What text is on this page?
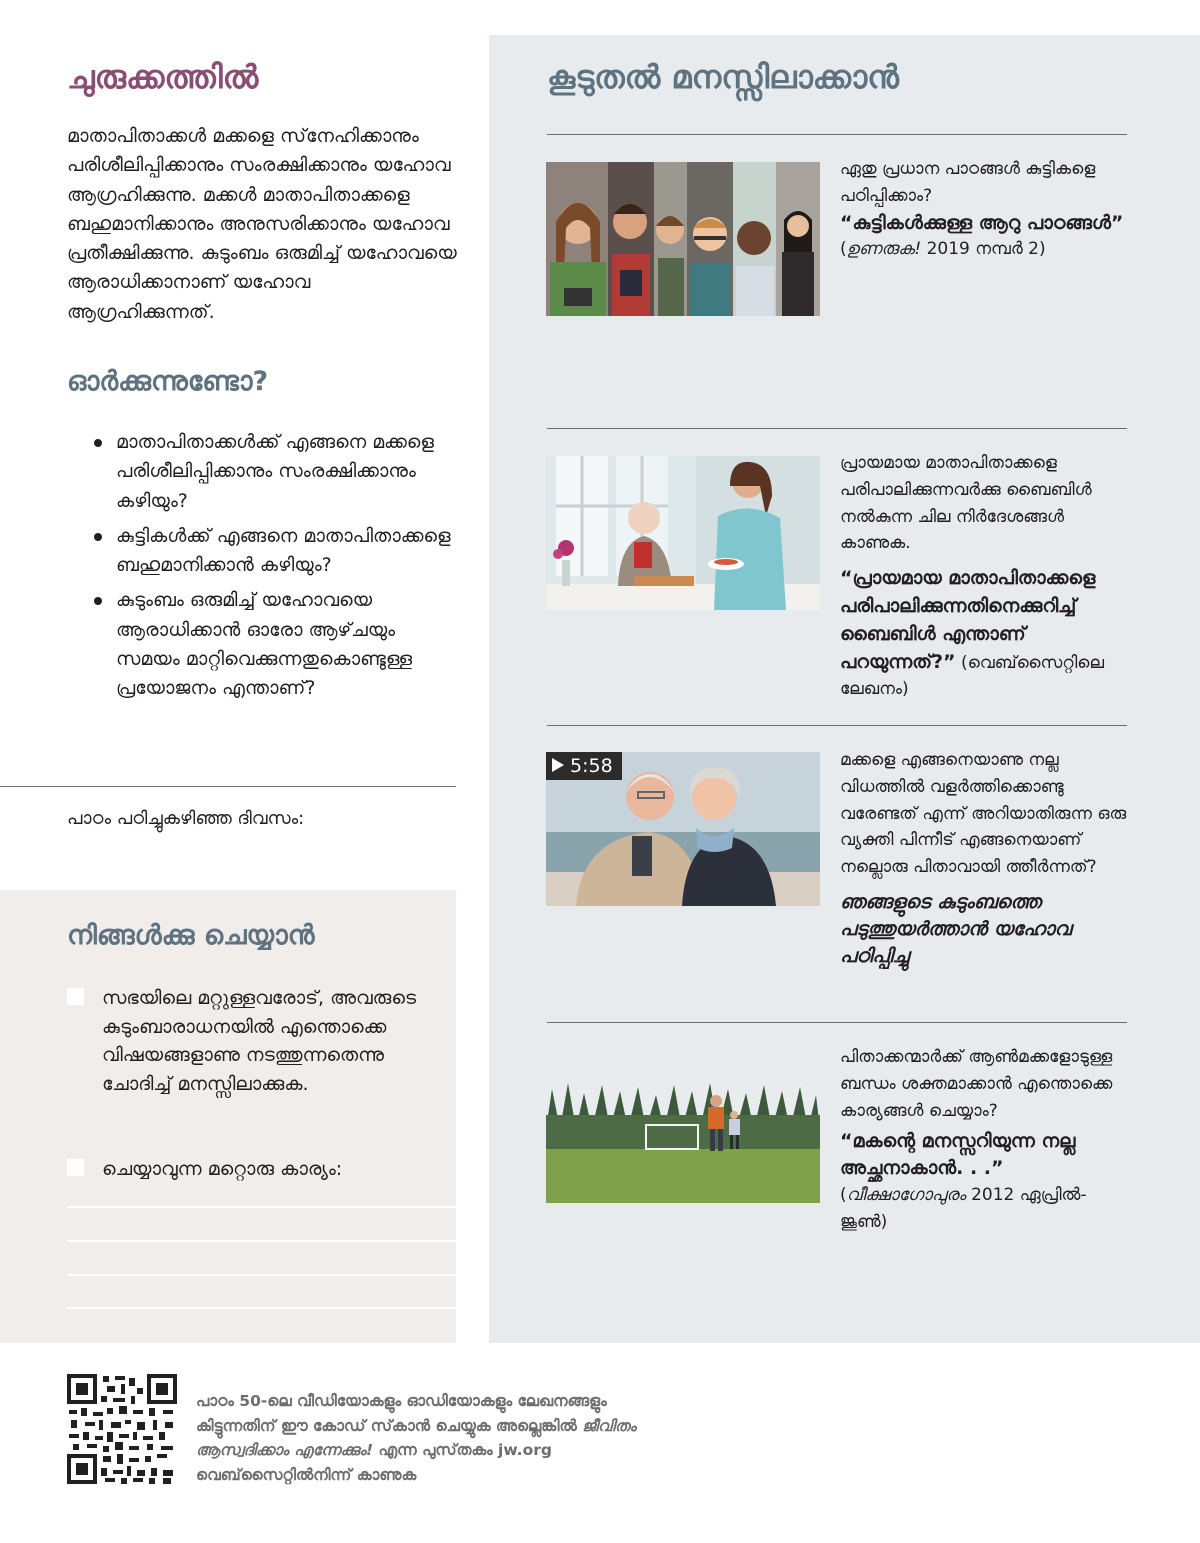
ചുരുക്കത്തിൽ

മാതാപിതാക്കൾ മക്കളെ സ്‌നേഹിക്കാനും പരിശീലിപ്പിക്കാനും സംരക്ഷിക്കാനും യഹോവ ആഗ്രഹിക്കുന്നു. മക്കൾ മാതാപിതാക്കളെ ബഹുമാനിക്കാനും അനുസരിക്കാനും യഹോവ പ്രതീക്ഷിക്കുന്നു. കുടുംബം ഒരുമിച്ച് യഹോവയെ ആരാധിക്കാനാണ് യഹോവ ആഗ്രഹിക്കുന്നത്.

ഓർക്കുന്നുണ്ടോ?
മാതാപിതാക്കൾക്ക് എങ്ങനെ മക്കളെ പരിശീലിപ്പിക്കാനും സംരക്ഷിക്കാനും കഴിയും?
കുട്ടികൾക്ക് എങ്ങനെ മാതാപിതാക്കളെ ബഹുമാനിക്കാൻ കഴിയും?
കുടുംബം ഒരുമിച്ച് യഹോവയെ ആരാധിക്കാൻ ഓരോ ആഴ്‌ചയും സമയം മാറ്റിവെക്കുന്നതുകൊണ്ടുള്ള പ്രയോജനം എന്താണ്?
പാഠം പഠിച്ചുകഴിഞ്ഞ ദിവസം:
നിങ്ങൾക്കു ചെയ്യാൻ
സഭയിലെ മറ്റുള്ളവരോട്, അവരുടെ കുടുംബാരാധനയിൽ എന്തൊക്കെ വിഷയങ്ങളാണു നടത്തുന്നതെന്നു ചോദിച്ച് മനസ്സിലാക്കുക.
ചെയ്യാവുന്ന മറ്റൊരു കാര്യം:
കൂടുതൽ മനസ്സിലാക്കാൻ
ഏതു പ്രധാന പാഠങ്ങൾ കുട്ടികളെ പഠിപ്പിക്കാം?
“കുട്ടികൾക്കുള്ള ആറു പാഠങ്ങൾ”
(ഉണരുക! 2019 നമ്പർ 2)
പ്രായമായ മാതാപിതാക്കളെ പരിപാലിക്കുന്നവർക്കു ബൈബിൾ നൽകുന്ന ചില നിർദേശങ്ങൾ കാണുക.
“പ്രായമായ മാതാപിതാക്കളെ പരിപാലിക്കുന്നതിനെക്കുറിച്ച് ബൈബിൾ എന്താണ് പറയുന്നത്?” (വെബ്‌സൈറ്റിലെ ലേഖനം)
5:58	മക്കളെ എങ്ങനെയാണു നല്ല വിധത്തിൽ വളർത്തിക്കൊണ്ടു വരേണ്ടത് എന്ന് അറിയാതിരുന്ന ഒരു വ്യക്തി പിന്നീട് എങ്ങനെയാണ് നല്ലൊരു പിതാവായി ത്തീർന്നത്?
ഞങ്ങളുടെ കുടുംബത്തെ പടുത്തുയർത്താൻ യഹോവ പഠിപ്പിച്ചു
പിതാക്കന്മാർക്ക് ആൺമക്കളോടുള്ള ബന്ധം ശക്തമാക്കാൻ എന്തൊക്കെ കാര്യങ്ങൾ ചെയ്യാം?
“മകന്റെ മനസ്സറിയുന്ന നല്ല അച്ഛനാകാൻ. . .”
(വീക്ഷാഗോപുരം 2012 ഏപ്രിൽ-ജൂൺ)

പാഠം 50-ലെ വീഡിയോകളും ഓഡിയോകളും ലേഖനങ്ങളും കിട്ടുന്നതിന് ഈ കോഡ് സ്‌കാൻ ചെയ്യുക അല്ലെങ്കിൽ ജീവിതം ആസ്വദിക്കാം എന്നേക്കും! എന്ന പുസ്‌തകം jw.org വെബ്‌സൈറ്റിൽനിന്ന് കാണുക
